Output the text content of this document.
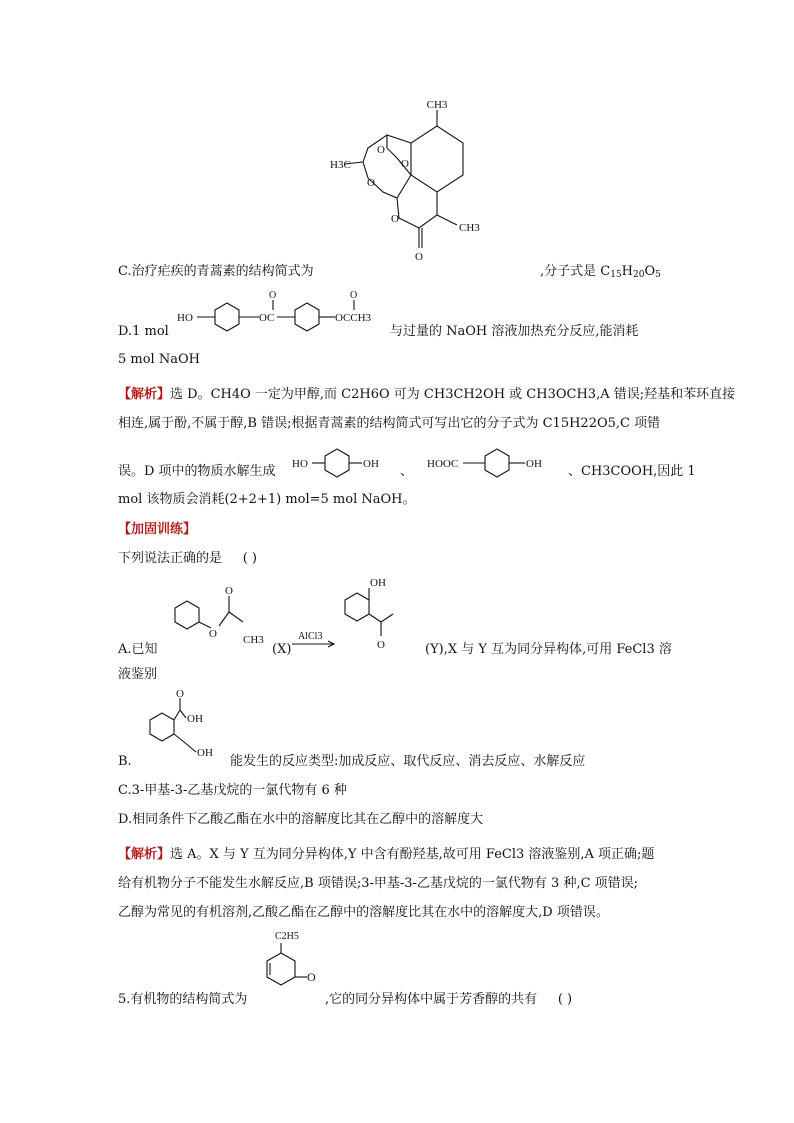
CH3
H3C
CH3
O
O
O
O
O
C.治疗疟疾的青蒿素的结构简式为	,分子式是 $C_{15}H_{20}O_5$
D.1 mol
HO	OC
O
OCCH3
O
与过量的 NaOH 溶液加热充分反应,能消耗
5 mol NaOH
【解析】选 D。CH4O 一定为甲醇,而 C2H6O 可为 CH3CH2OH 或 CH3OCH3,A 错误;羟基和苯环直接
相连,属于酚,不属于醇,B 错误;根据青蒿素的结构简式可写出它的分子式为 C15H22O5,C 项错
误。D 项中的物质水解生成 HO	OH 、 HOOC	OH 、CH3COOH,因此 1
mol 该物质会消耗(2+2+1) mol=5 mol NaOH。
【加固训练】
下列说法正确的是 ( )
A.已知
O
O
CH3
(X)
AlCl3
OH
O	(Y),X 与 Y 互为同分异构体,可用 FeCl3 溶
液鉴别
O
OH
OH
B.	能发生的反应类型:加成反应、取代反应、消去反应、水解反应
C.3-甲基-3-乙基戊烷的一氯代物有 6 种
D.相同条件下乙酸乙酯在水中的溶解度比其在乙醇中的溶解度大
【解析】选 A。X 与 Y 互为同分异构体,Y 中含有酚羟基,故可用 FeCl3 溶液鉴别,A 项正确;题
给有机物分子不能发生水解反应,B 项错误;3-甲基-3-乙基戊烷的一氯代物有 3 种,C 项错误;
乙醇为常见的有机溶剂,乙酸乙酯在乙醇中的溶解度比其在水中的溶解度大,D 项错误。
C2H5
O
5.有机物的结构简式为	,它的同分异构体中属于芳香醇的共有 ( )
